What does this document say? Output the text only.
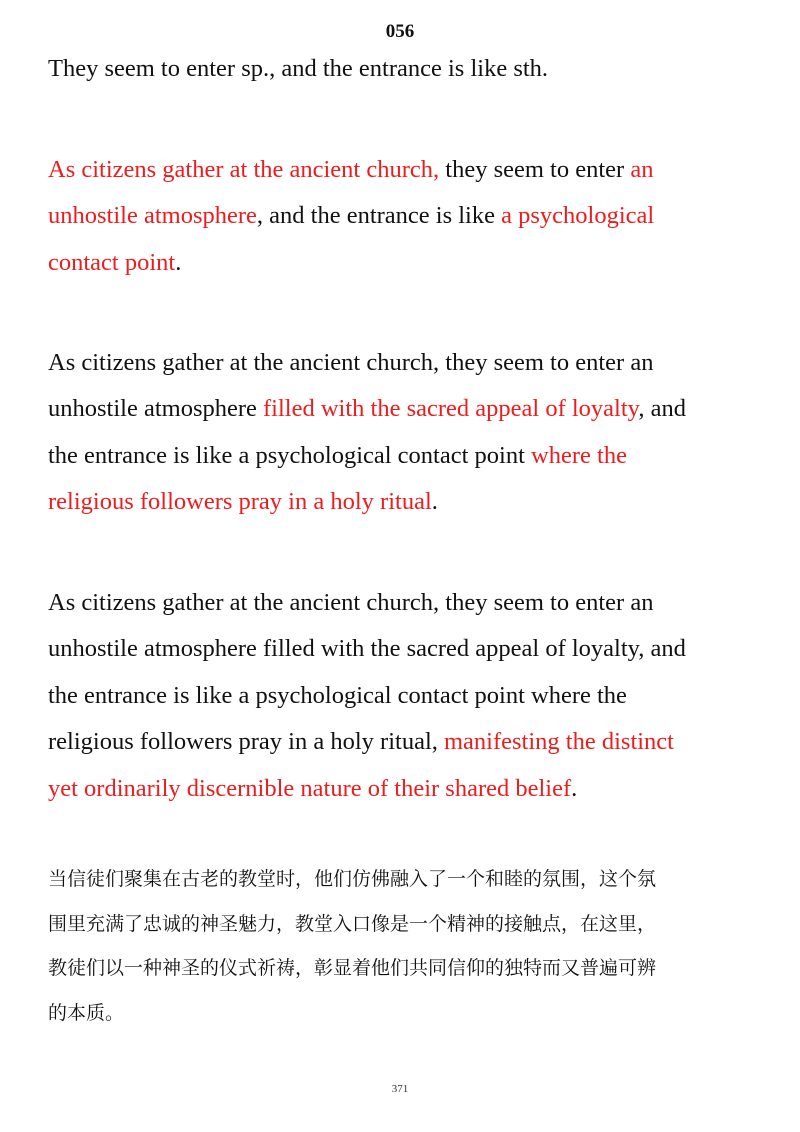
056

They seem to enter sp., and the entrance is like sth.

As citizens gather at the ancient church, they seem to enter an
unhostile atmosphere, and the entrance is like a psychological
contact point.

As citizens gather at the ancient church, they seem to enter an
unhostile atmosphere filled with the sacred appeal of loyalty, and
the entrance is like a psychological contact point where the
religious followers pray in a holy ritual.

As citizens gather at the ancient church, they seem to enter an
unhostile atmosphere filled with the sacred appeal of loyalty, and
the entrance is like a psychological contact point where the
religious followers pray in a holy ritual, manifesting the distinct
yet ordinarily discernible nature of their shared belief.

当信徒们聚集在古老的教堂时，他们仿佛融入了一个和睦的氛围，这个氛
围里充满了忠诚的神圣魅力，教堂入口像是一个精神的接触点，在这里，
教徒们以一种神圣的仪式祈祷，彰显着他们共同信仰的独特而又普遍可辨
的本质。

371
